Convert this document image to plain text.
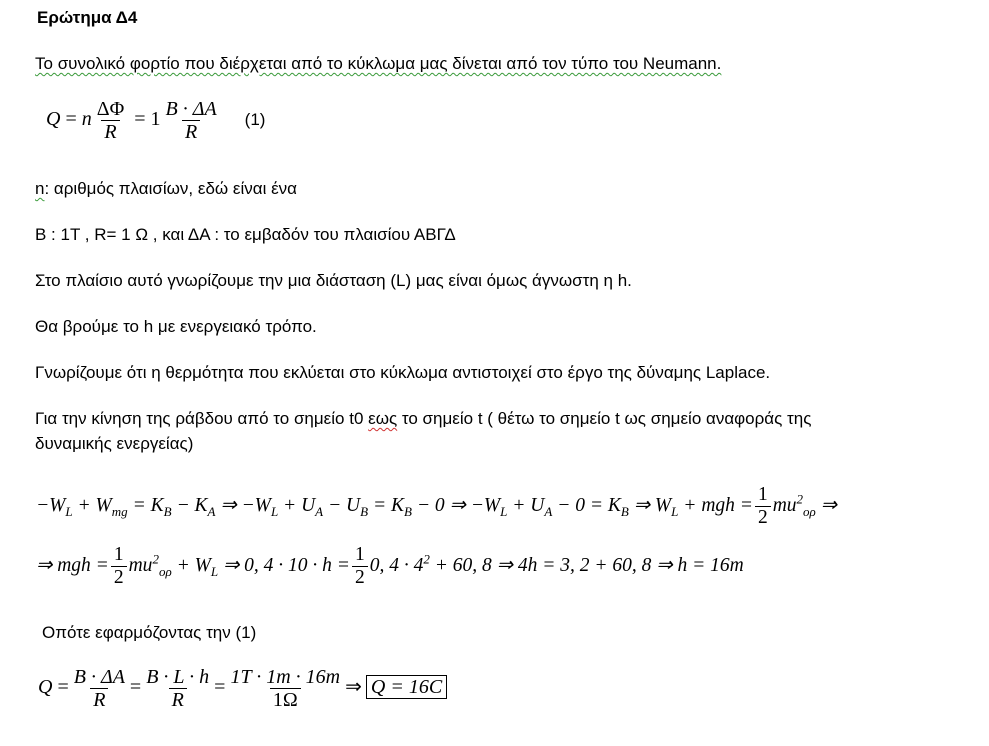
Ερώτημα Δ4
Το συνολικό φορτίο που διέρχεται από το κύκλωμα μας δίνεται από τον τύπο του Neumann.
Q = n $\frac{\Delta\Phi}{R} = 1 \frac{B \cdot \Delta A}{R} (1)$
n: αριθμός πλαισίων, εδώ είναι ένα
Β : 1Τ , R= 1 Ω , και ΔΑ : το εμβαδόν του πλαισίου ΑΒΓΔ
Στο πλαίσιο αυτό γνωρίζουμε την μια διάσταση (L) μας είναι όμως άγνωστη η h.
Θα βρούμε το h με ενεργειακό τρόπο.
Γνωρίζουμε ότι η θερμότητα που εκλύεται στο κύκλωμα αντιστοιχεί στο έργο της δύναμης Laplace.
Για την κίνηση της ράβδου από το σημείο t0 εως το σημείο t ( θέτω το σημείο t ως σημείο αναφοράς της
δυναμικής ενεργείας)
$-W_L + W_{mg} = K_B - K_A$ ⇒ $-W_L + U_A - U_B = K_B - 0$ ⇒ $-W_L + U_A - 0 = K_B$ ⇒ $W_L$ + mgh = $\frac{1}{2} mu^2_{o\rho}$ ⇒
⇒ mgh = $\frac{1}{2} mu^2_{o\rho} + W_L$ ⇒ 0, $4 \cdot 10 \cdot h = \frac{1}{2} 0$, $4 \cdot 4^2 + 60$, 8 ⇒ 4h = 3, 2 + 60, 8 ⇒ h = 16m
Οπότε εφαρμόζοντας την (1)
$Q = \frac{B \cdot \Delta A}{R} = \frac{B \cdot L \cdot h}{R} = \frac{1T \cdot 1m \cdot 16m}{1\Omega}$ ⇒ Q = 16C
